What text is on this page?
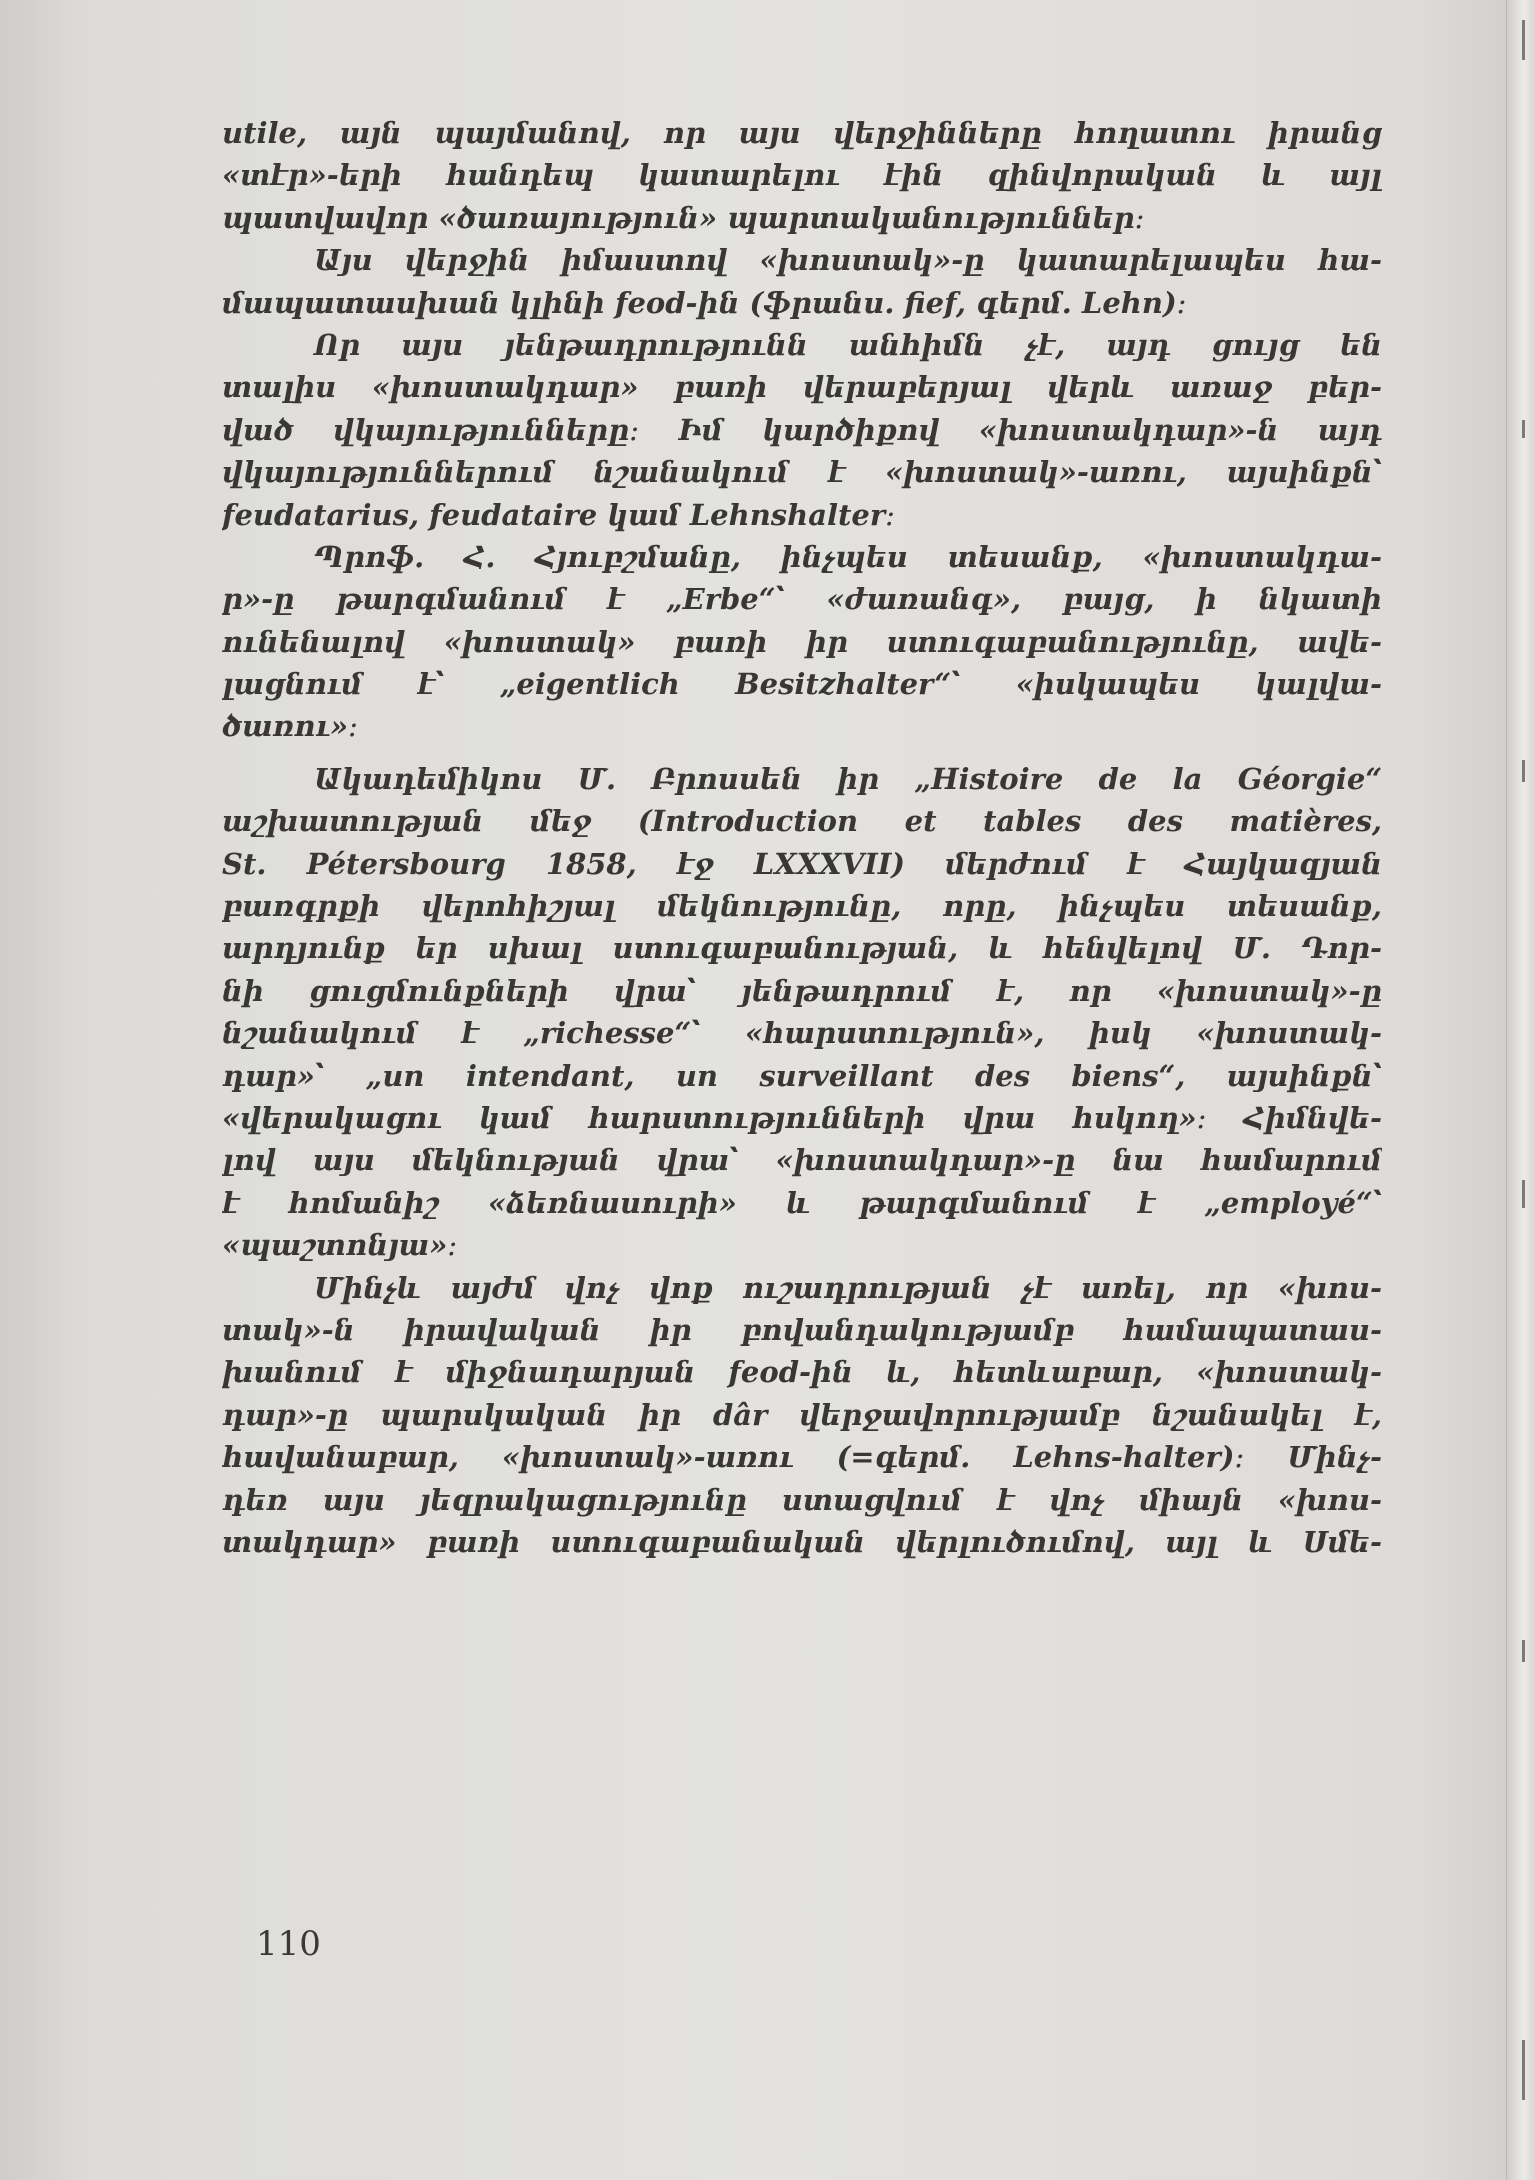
utile, այն պայմանով, որ այս վերջինները հողատու իրանց
«տէր»-երի հանդեպ կատարելու էին զինվորական և այլ
պատվավոր «ծառայություն» պարտականություններ։
Այս վերջին իմաստով «խոստակ»-ը կատարելապես հա-
մապատասխան կլինի feod-ին (ֆրանս. fief, գերմ. Lehn)։
Որ այս յենթադրությունն անհիմն չէ, այդ ցույց են
տալիս «խոստակդար» բառի վերաբերյալ վերև առաջ բեր-
ված վկայությունները։ Իմ կարծիքով «խոստակդար»-ն այդ
վկայություններում նշանակում է «խոստակ»-առու, այսինքն՝
feudatarius, feudataire կամ Lehnshalter։
Պրոֆ. Հ. Հյուբշմանը, ինչպես տեսանք, «խոստակդա-
ր»-ը թարգմանում է „Erbe“՝ «ժառանգ», բայց, ի նկատի
ունենալով «խոստակ» բառի իր ստուգաբանությունը, ավե-
լացնում է՝ „eigentlich Besitzhalter“՝ «իսկապես կալվա-
ծառու»։
Ակադեմիկոս Մ. Բրոսսեն իր „Histoire de la Géorgie“
աշխատության մեջ (Introduction et tables des matières,
St. Pétersbourg 1858, էջ LXXXVII) մերժում է Հայկազյան
բառգրքի վերոհիշյալ մեկնությունը, որը, ինչպես տեսանք,
արդյունք եր սխալ ստուգաբանության, և հենվելով Մ. Դոր-
նի ցուցմունքների վրա՝ յենթադրում է, որ «խոստակ»-ը
նշանակում է „richesse“՝ «հարստություն», իսկ «խոստակ-
դար»՝ „un intendant, un surveillant des biens“, այսինքն՝
«վերակացու կամ հարստությունների վրա հսկող»։ Հիմնվե-
լով այս մեկնության վրա՝ «խոստակդար»-ը նա համարում
է հոմանիշ «ձեռնասուրի» և թարգմանում է „employé“՝
«պաշտոնյա»։
Մինչև այժմ վոչ վոք ուշադրության չէ առել, որ «խոս-
տակ»-ն իրավական իր բովանդակությամբ համապատաս-
խանում է միջնադարյան feod-ին և, հետևաբար, «խոստակ-
դար»-ը պարսկական իր dâr վերջավորությամբ նշանակել է,
հավանաբար, «խոստակ»-առու (=գերմ. Lehns-halter)։ Մինչ-
դեռ այս յեզրակացությունը ստացվում է վոչ միայն «խոս-
տակդար» բառի ստուգաբանական վերլուծումով, այլ և Սմե-
110
